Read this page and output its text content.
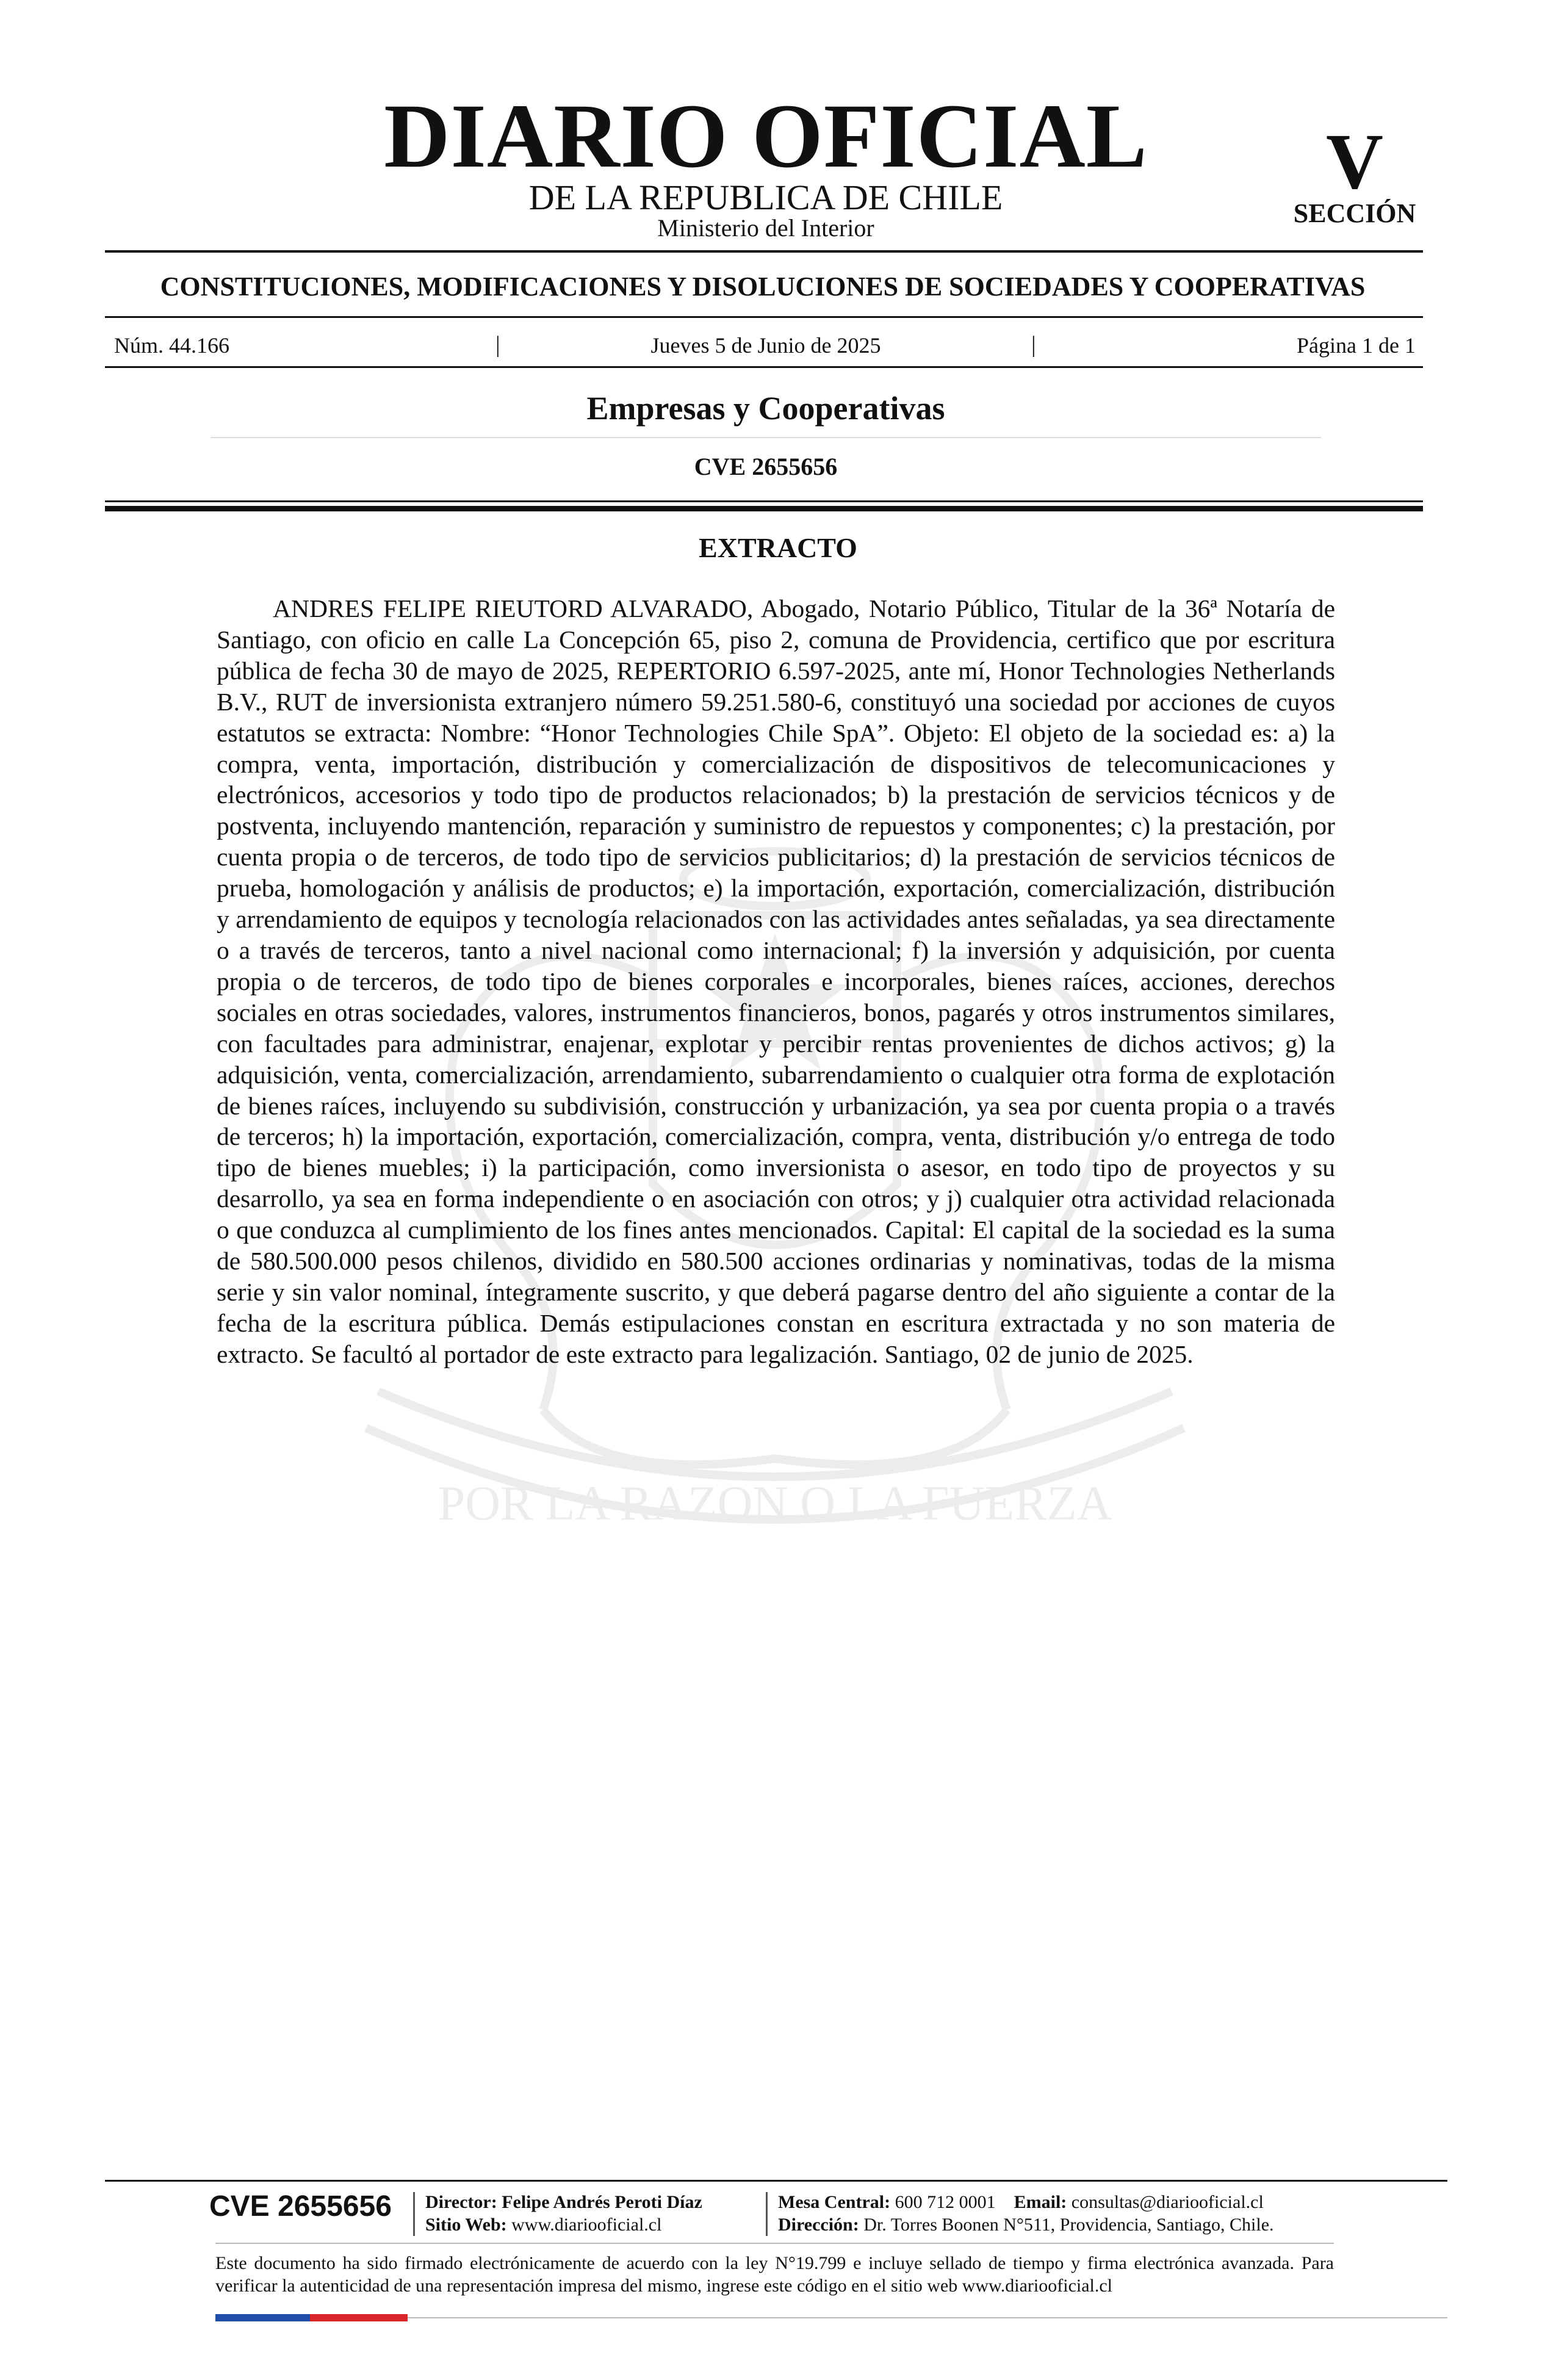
POR LA RAZON O LA FUERZA
DIARIO OFICIAL
DE LA REPUBLICA DE CHILE
Ministerio del Interior
V
SECCIÓN
CONSTITUCIONES, MODIFICACIONES Y DISOLUCIONES DE SOCIEDADES Y COOPERATIVAS
Núm. 44.166	|	Jueves 5 de Junio de 2025	|	Página 1 de 1
Empresas y Cooperativas
CVE 2655656
EXTRACTO
ANDRES FELIPE RIEUTORD ALVARADO, Abogado, Notario Público, Titular de la 36ª Notaría de Santiago, con oficio en calle La Concepción 65, piso 2, comuna de Providencia, certifico que por escritura pública de fecha 30 de mayo de 2025, REPERTORIO 6.597-2025, ante mí, Honor Technologies Netherlands B.V., RUT de inversionista extranjero número 59.251.580-6, constituyó una sociedad por acciones de cuyos estatutos se extracta: Nombre: “Honor Technologies Chile SpA”. Objeto: El objeto de la sociedad es: a) la compra, venta, importación, distribución y comercialización de dispositivos de telecomunicaciones y electrónicos, accesorios y todo tipo de productos relacionados; b) la prestación de servicios técnicos y de postventa, incluyendo mantención, reparación y suministro de repuestos y componentes; c) la prestación, por cuenta propia o de terceros, de todo tipo de servicios publicitarios; d) la prestación de servicios técnicos de prueba, homologación y análisis de productos; e) la importación, exportación, comercialización, distribución y arrendamiento de equipos y tecnología relacionados con las actividades antes señaladas, ya sea directamente o a través de terceros, tanto a nivel nacional como internacional; f) la inversión y adquisición, por cuenta propia o de terceros, de todo tipo de bienes corporales e incorporales, bienes raíces, acciones, derechos sociales en otras sociedades, valores, instrumentos financieros, bonos, pagarés y otros instrumentos similares, con facultades para administrar, enajenar, explotar y percibir rentas provenientes de dichos activos; g) la adquisición, venta, comercialización, arrendamiento, subarrendamiento o cualquier otra forma de explotación de bienes raíces, incluyendo su subdivisión, construcción y urbanización, ya sea por cuenta propia o a través de terceros; h) la importación, exportación, comercialización, compra, venta, distribución y/o entrega de todo tipo de bienes muebles; i) la participación, como inversionista o asesor, en todo tipo de proyectos y su desarrollo, ya sea en forma independiente o en asociación con otros; y j) cualquier otra actividad relacionada o que conduzca al cumplimiento de los fines antes mencionados. Capital: El capital de la sociedad es la suma de 580.500.000 pesos chilenos, dividido en 580.500 acciones ordinarias y nominativas, todas de la misma serie y sin valor nominal, íntegramente suscrito, y que deberá pagarse dentro del año siguiente a contar de la fecha de la escritura pública. Demás estipulaciones constan en escritura extractada y no son materia de extracto. Se facultó al portador de este extracto para legalización. Santiago, 02 de junio de 2025.
CVE 2655656 Director: Felipe Andrés Peroti Díaz
Sitio Web: www.diariooficial.cl
Mesa Central: 600 712 0001 Email: consultas@diariooficial.cl
Dirección: Dr. Torres Boonen N°511, Providencia, Santiago, Chile.
Este documento ha sido firmado electrónicamente de acuerdo con la ley N°19.799 e incluye sellado de tiempo y firma electrónica avanzada. Para verificar la autenticidad de una representación impresa del mismo, ingrese este código en el sitio web www.diariooficial.cl
